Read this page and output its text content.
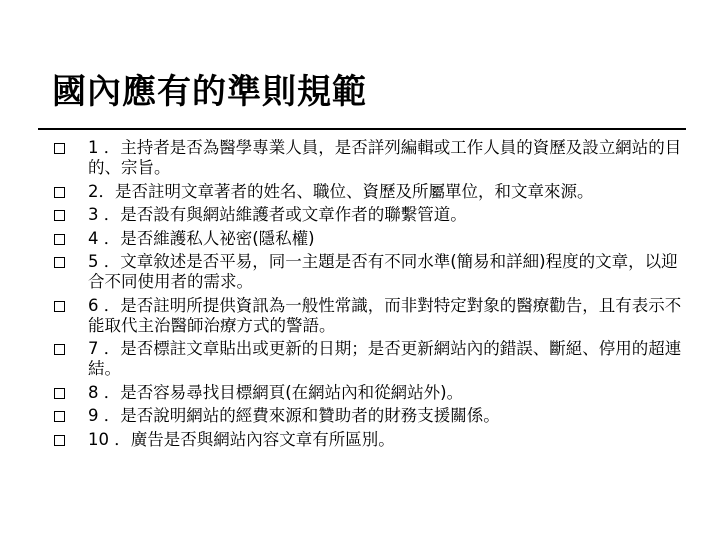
國內應有的準則規範
1 ．主持者是否為醫學專業人員，是否詳列編輯或工作人員的資歷及設立網站的目的、宗旨。
2．是否註明文章著者的姓名、職位、資歷及所屬單位，和文章來源。
3 ．是否設有與網站維護者或文章作者的聯繫管道。
4 ．是否維護私人祕密(隱私權)
5 ．文章敘述是否平易，同一主題是否有不同水準(簡易和詳細)程度的文章，以迎合不同使用者的需求。
6 ．是否註明所提供資訊為一般性常識，而非對特定對象的醫療勸告，且有表示不能取代主治醫師治療方式的警語。
7 ．是否標註文章貼出或更新的日期；是否更新網站內的錯誤、斷絕、停用的超連結。
8 ．是否容易尋找目標網頁(在網站內和從網站外)。
9 ．是否說明網站的經費來源和贊助者的財務支援關係。
10 ．廣告是否與網站內容文章有所區別。
